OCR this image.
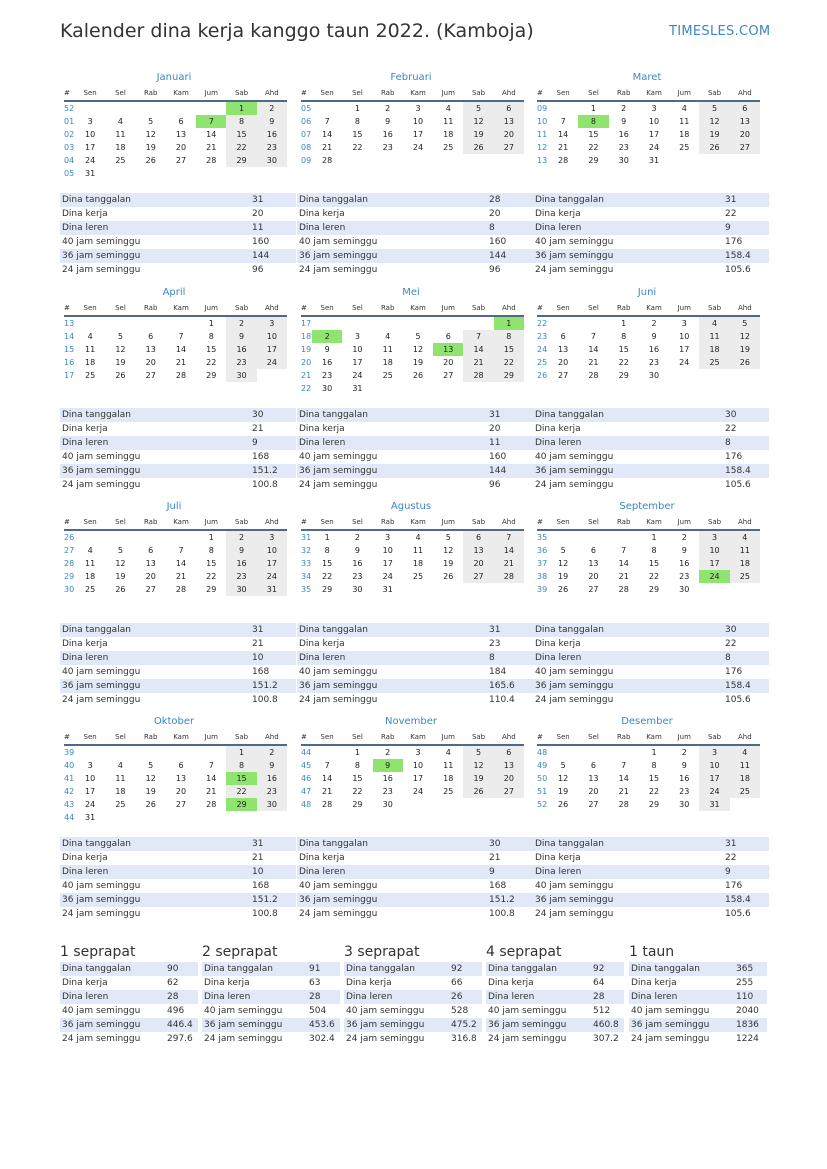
Kalender dina kerja kanggo taun 2022. (Kamboja)	TIMESLES.COM
Januari
#	Sen	Sel	Rab	Kam	Jum	Sab	Ahd
52						1	2
01	3	4	5	6	7	8	9
02	10	11	12	13	14	15	16
03	17	18	19	20	21	22	23
04	24	25	26	27	28	29	30
05	31						
Dina tanggalan	31
Dina kerja	20
Dina leren	11
40 jam seminggu	160
36 jam seminggu	144
24 jam seminggu	96
Februari
#	Sen	Sel	Rab	Kam	Jum	Sab	Ahd
05		1	2	3	4	5	6
06	7	8	9	10	11	12	13
07	14	15	16	17	18	19	20
08	21	22	23	24	25	26	27
09	28						
Dina tanggalan	28
Dina kerja	20
Dina leren	8
40 jam seminggu	160
36 jam seminggu	144
24 jam seminggu	96
Maret
#	Sen	Sel	Rab	Kam	Jum	Sab	Ahd
09		1	2	3	4	5	6
10	7	8	9	10	11	12	13
11	14	15	16	17	18	19	20
12	21	22	23	24	25	26	27
13	28	29	30	31			
Dina tanggalan	31
Dina kerja	22
Dina leren	9
40 jam seminggu	176
36 jam seminggu	158.4
24 jam seminggu	105.6
April
#	Sen	Sel	Rab	Kam	Jum	Sab	Ahd
13					1	2	3
14	4	5	6	7	8	9	10
15	11	12	13	14	15	16	17
16	18	19	20	21	22	23	24
17	25	26	27	28	29	30	
Dina tanggalan	30
Dina kerja	21
Dina leren	9
40 jam seminggu	168
36 jam seminggu	151.2
24 jam seminggu	100.8
Mei
#	Sen	Sel	Rab	Kam	Jum	Sab	Ahd
17							1
18	2	3	4	5	6	7	8
19	9	10	11	12	13	14	15
20	16	17	18	19	20	21	22
21	23	24	25	26	27	28	29
22	30	31					
Dina tanggalan	31
Dina kerja	20
Dina leren	11
40 jam seminggu	160
36 jam seminggu	144
24 jam seminggu	96
Juni
#	Sen	Sel	Rab	Kam	Jum	Sab	Ahd
22			1	2	3	4	5
23	6	7	8	9	10	11	12
24	13	14	15	16	17	18	19
25	20	21	22	23	24	25	26
26	27	28	29	30			
Dina tanggalan	30
Dina kerja	22
Dina leren	8
40 jam seminggu	176
36 jam seminggu	158.4
24 jam seminggu	105.6
Juli
#	Sen	Sel	Rab	Kam	Jum	Sab	Ahd
26					1	2	3
27	4	5	6	7	8	9	10
28	11	12	13	14	15	16	17
29	18	19	20	21	22	23	24
30	25	26	27	28	29	30	31
Dina tanggalan	31
Dina kerja	21
Dina leren	10
40 jam seminggu	168
36 jam seminggu	151.2
24 jam seminggu	100.8
Agustus
#	Sen	Sel	Rab	Kam	Jum	Sab	Ahd
31	1	2	3	4	5	6	7
32	8	9	10	11	12	13	14
33	15	16	17	18	19	20	21
34	22	23	24	25	26	27	28
35	29	30	31				
Dina tanggalan	31
Dina kerja	23
Dina leren	8
40 jam seminggu	184
36 jam seminggu	165.6
24 jam seminggu	110.4
September
#	Sen	Sel	Rab	Kam	Jum	Sab	Ahd
35				1	2	3	4
36	5	6	7	8	9	10	11
37	12	13	14	15	16	17	18
38	19	20	21	22	23	24	25
39	26	27	28	29	30		
Dina tanggalan	30
Dina kerja	22
Dina leren	8
40 jam seminggu	176
36 jam seminggu	158.4
24 jam seminggu	105.6
Oktober
#	Sen	Sel	Rab	Kam	Jum	Sab	Ahd
39						1	2
40	3	4	5	6	7	8	9
41	10	11	12	13	14	15	16
42	17	18	19	20	21	22	23
43	24	25	26	27	28	29	30
44	31						
Dina tanggalan	31
Dina kerja	21
Dina leren	10
40 jam seminggu	168
36 jam seminggu	151.2
24 jam seminggu	100.8
November
#	Sen	Sel	Rab	Kam	Jum	Sab	Ahd
44		1	2	3	4	5	6
45	7	8	9	10	11	12	13
46	14	15	16	17	18	19	20
47	21	22	23	24	25	26	27
48	28	29	30				
Dina tanggalan	30
Dina kerja	21
Dina leren	9
40 jam seminggu	168
36 jam seminggu	151.2
24 jam seminggu	100.8
Desember
#	Sen	Sel	Rab	Kam	Jum	Sab	Ahd
48				1	2	3	4
49	5	6	7	8	9	10	11
50	12	13	14	15	16	17	18
51	19	20	21	22	23	24	25
52	26	27	28	29	30	31	
Dina tanggalan	31
Dina kerja	22
Dina leren	9
40 jam seminggu	176
36 jam seminggu	158.4
24 jam seminggu	105.6
1 seprapat
Dina tanggalan	90
Dina kerja	62
Dina leren	28
40 jam seminggu	496
36 jam seminggu	446.4
24 jam seminggu	297.6
2 seprapat
Dina tanggalan	91
Dina kerja	63
Dina leren	28
40 jam seminggu	504
36 jam seminggu	453.6
24 jam seminggu	302.4
3 seprapat
Dina tanggalan	92
Dina kerja	66
Dina leren	26
40 jam seminggu	528
36 jam seminggu	475.2
24 jam seminggu	316.8
4 seprapat
Dina tanggalan	92
Dina kerja	64
Dina leren	28
40 jam seminggu	512
36 jam seminggu	460.8
24 jam seminggu	307.2
1 taun
Dina tanggalan	365
Dina kerja	255
Dina leren	110
40 jam seminggu	2040
36 jam seminggu	1836
24 jam seminggu	1224
